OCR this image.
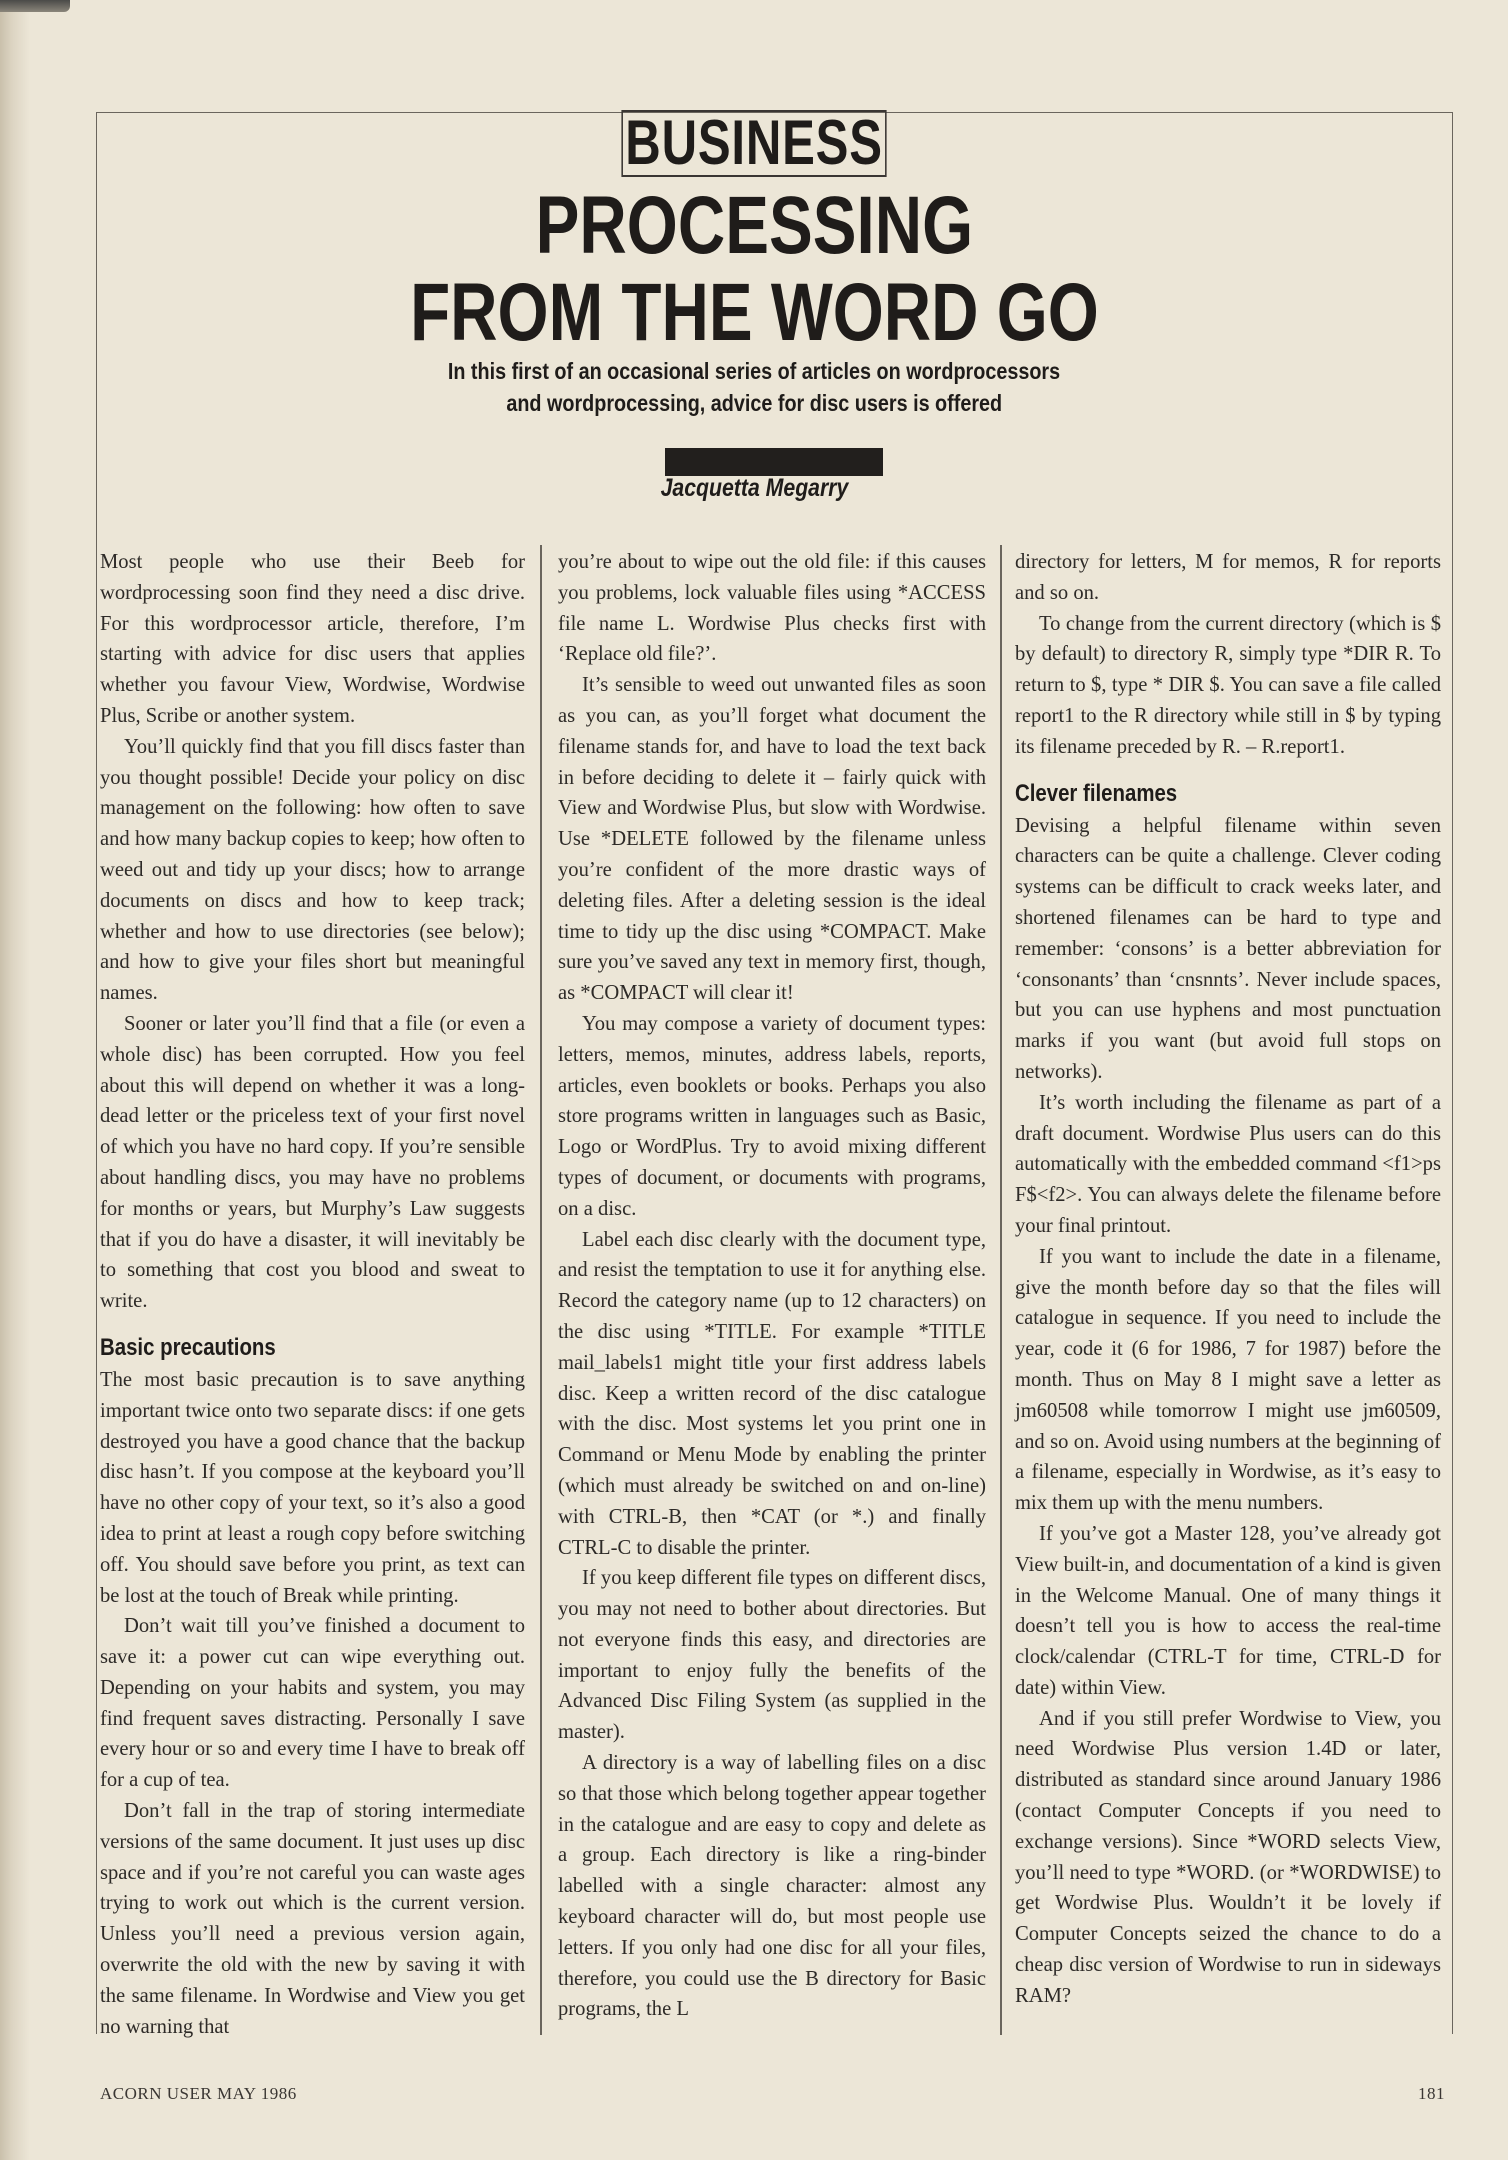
BUSINESS
PROCESSING
FROM THE WORD GO
In this first of an occasional series of articles on wordprocessors
and wordprocessing, advice for disc users is offered
Jacquetta Megarry

Most people who use their Beeb for wordprocessing soon find they need a disc drive. For this wordprocessor article, therefore, I’m starting with advice for disc users that applies whether you favour View, Wordwise, Wordwise Plus, Scribe or another system.

You’ll quickly find that you fill discs faster than you thought possible! Decide your policy on disc management on the following: how often to save and how many backup copies to keep; how often to weed out and tidy up your discs; how to arrange documents on discs and how to keep track; whether and how to use directories (see below); and how to give your files short but meaningful names.

Sooner or later you’ll find that a file (or even a whole disc) has been corrupted. How you feel about this will depend on whether it was a long-dead letter or the priceless text of your first novel of which you have no hard copy. If you’re sensible about handling discs, you may have no problems for months or years, but Murphy’s Law suggests that if you do have a disaster, it will inevitably be to something that cost you blood and sweat to write.

Basic precautions

The most basic precaution is to save anything important twice onto two separate discs: if one gets destroyed you have a good chance that the backup disc hasn’t. If you compose at the keyboard you’ll have no other copy of your text, so it’s also a good idea to print at least a rough copy before switching off. You should save before you print, as text can be lost at the touch of Break while printing.

Don’t wait till you’ve finished a document to save it: a power cut can wipe everything out. Depending on your habits and system, you may find frequent saves distracting. Personally I save every hour or so and every time I have to break off for a cup of tea.

Don’t fall in the trap of storing intermediate versions of the same document. It just uses up disc space and if you’re not careful you can waste ages trying to work out which is the current version. Unless you’ll need a previous version again, overwrite the old with the new by saving it with the same filename. In Wordwise and View you get no warning that

you’re about to wipe out the old file: if this causes you problems, lock valuable files using *ACCESS file name L. Wordwise Plus checks first with ‘Replace old file?’.

It’s sensible to weed out unwanted files as soon as you can, as you’ll forget what document the filename stands for, and have to load the text back in before deciding to delete it – fairly quick with View and Wordwise Plus, but slow with Wordwise. Use *DELETE followed by the filename unless you’re confident of the more drastic ways of deleting files. After a deleting session is the ideal time to tidy up the disc using *COMPACT. Make sure you’ve saved any text in memory first, though, as *COMPACT will clear it!

You may compose a variety of document types: letters, memos, minutes, address labels, reports, articles, even booklets or books. Perhaps you also store programs written in languages such as Basic, Logo or WordPlus. Try to avoid mixing different types of document, or documents with programs, on a disc.

Label each disc clearly with the document type, and resist the temptation to use it for anything else. Record the category name (up to 12 characters) on the disc using *TITLE. For example *TITLE mail_labels1 might title your first address labels disc. Keep a written record of the disc catalogue with the disc. Most systems let you print one in Command or Menu Mode by enabling the printer (which must already be switched on and on-line) with CTRL-B, then *CAT (or *.) and finally CTRL-C to disable the printer.

If you keep different file types on different discs, you may not need to bother about directories. But not everyone finds this easy, and directories are important to enjoy fully the benefits of the Advanced Disc Filing System (as supplied in the master).

A directory is a way of labelling files on a disc so that those which belong together appear together in the catalogue and are easy to copy and delete as a group. Each directory is like a ring-binder labelled with a single character: almost any keyboard character will do, but most people use letters. If you only had one disc for all your files, therefore, you could use the B directory for Basic programs, the L

directory for letters, M for memos, R for reports and so on.

To change from the current directory (which is $ by default) to directory R, simply type *DIR R. To return to $, type * DIR $. You can save a file called report1 to the R directory while still in $ by typing its filename preceded by R. – R.report1.

Clever filenames

Devising a helpful filename within seven characters can be quite a challenge. Clever coding systems can be difficult to crack weeks later, and shortened filenames can be hard to type and remember: ‘consons’ is a better abbreviation for ‘consonants’ than ‘cnsnnts’. Never include spaces, but you can use hyphens and most punctuation marks if you want (but avoid full stops on networks).

It’s worth including the filename as part of a draft document. Wordwise Plus users can do this automatically with the embedded command <f1>ps F$<f2>. You can always delete the filename before your final printout.

If you want to include the date in a filename, give the month before day so that the files will catalogue in sequence. If you need to include the year, code it (6 for 1986, 7 for 1987) before the month. Thus on May 8 I might save a letter as jm60508 while tomorrow I might use jm60509, and so on. Avoid using numbers at the beginning of a filename, especially in Wordwise, as it’s easy to mix them up with the menu numbers.

If you’ve got a Master 128, you’ve already got View built-in, and documentation of a kind is given in the Welcome Manual. One of many things it doesn’t tell you is how to access the real-time clock/calendar (CTRL-T for time, CTRL-D for date) within View.

And if you still prefer Wordwise to View, you need Wordwise Plus version 1.4D or later, distributed as standard since around January 1986 (contact Computer Concepts if you need to exchange versions). Since *WORD selects View, you’ll need to type *WORD. (or *WORDWISE) to get Wordwise Plus. Wouldn’t it be lovely if Computer Concepts seized the chance to do a cheap disc version of Wordwise to run in sideways RAM?

ACORN USER MAY 1986	181
